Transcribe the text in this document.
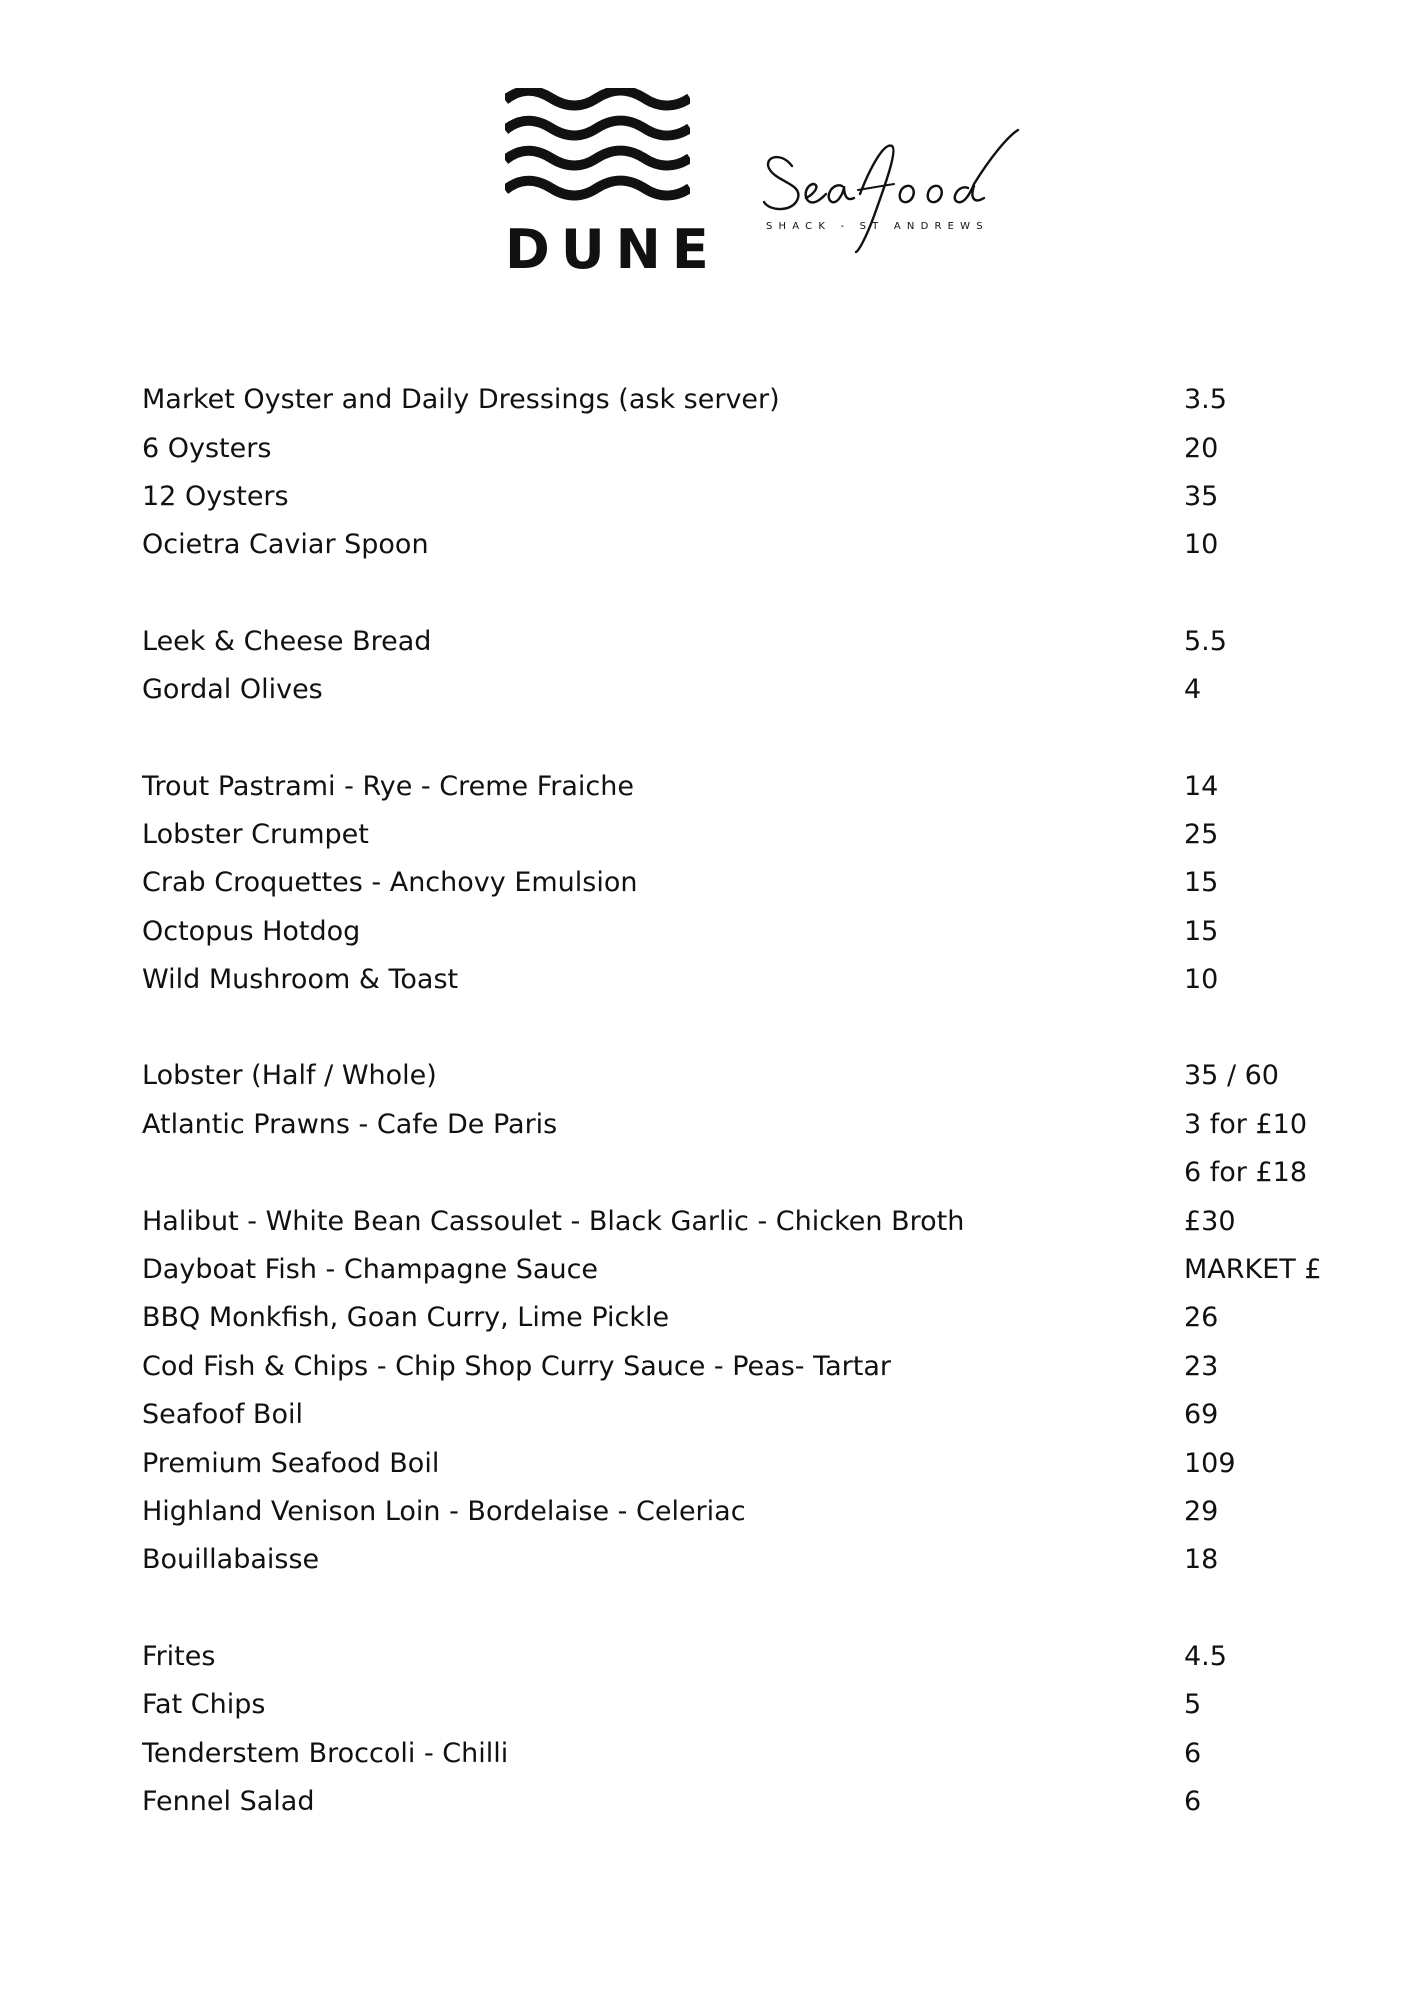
DUNE	SHACK - ST ANDREWS
Market Oyster and Daily Dressings (ask server)	3.5
6 Oysters	20
12 Oysters	35
Ocietra Caviar Spoon	10
Leek & Cheese Bread	5.5
Gordal Olives	4
Trout Pastrami - Rye - Creme Fraiche	14
Lobster Crumpet	25
Crab Croquettes - Anchovy Emulsion	15
Octopus Hotdog	15
Wild Mushroom & Toast	10
Lobster (Half / Whole)	35 / 60
Atlantic Prawns - Cafe De Paris	3 for £10
6 for £18
Halibut - White Bean Cassoulet - Black Garlic - Chicken Broth	£30
Dayboat Fish - Champagne Sauce	MARKET £
BBQ Monkfish, Goan Curry, Lime Pickle	26
Cod Fish & Chips - Chip Shop Curry Sauce - Peas- Tartar	23
Seafoof Boil	69
Premium Seafood Boil	109
Highland Venison Loin - Bordelaise - Celeriac	29
Bouillabaisse	18
Frites	4.5
Fat Chips	5
Tenderstem Broccoli - Chilli	6
Fennel Salad	6
